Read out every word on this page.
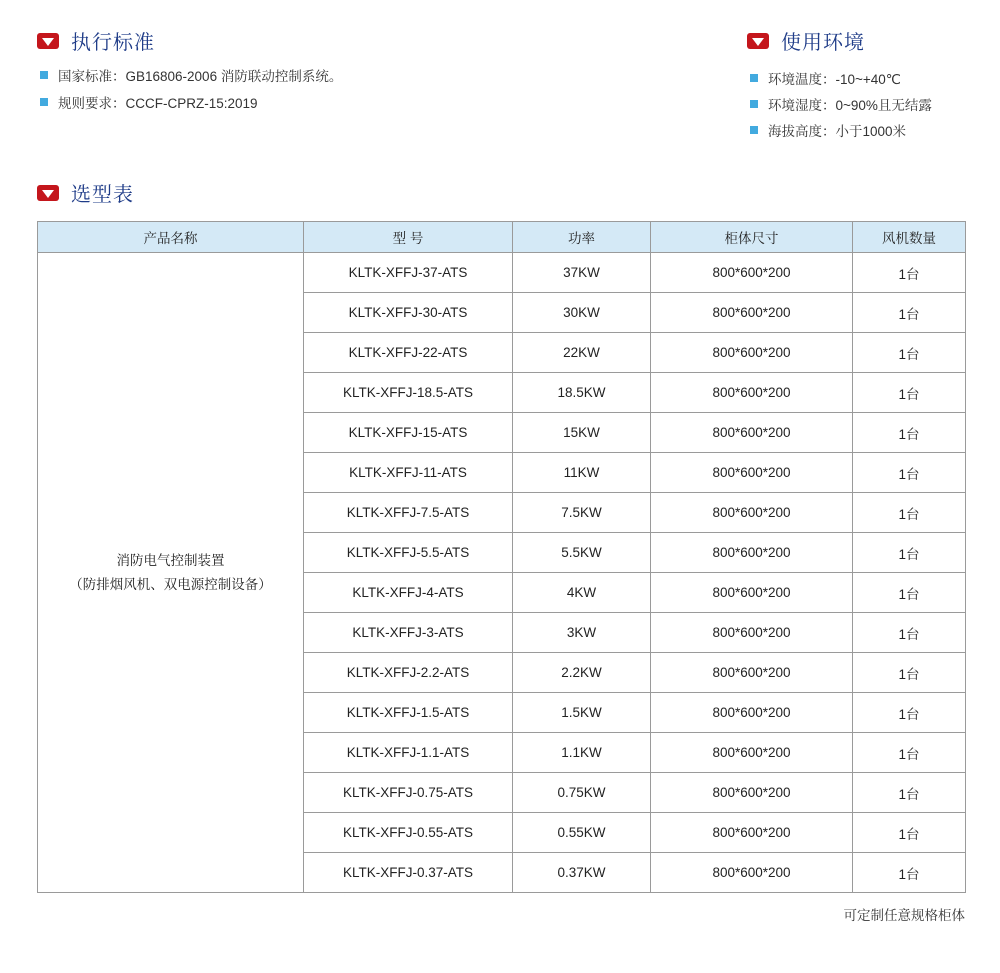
执行标准
国家标准：GB16806-2006 消防联动控制系统。
规则要求：CCCF-CPRZ-15:2019
使用环境
环境温度：-10~+40℃
环境湿度：0~90%且无结露
海拔高度：小于1000米
选型表
产品名称	型 号	功率	柜体尺寸	风机数量

消防电气控制装置
（防排烟风机、双电源控制设备）	KLTK-XFFJ-37-ATS	37KW	800*600*200	1台
	KLTK-XFFJ-30-ATS	30KW	800*600*200	1台
	KLTK-XFFJ-22-ATS	22KW	800*600*200	1台
	KLTK-XFFJ-18.5-ATS	18.5KW	800*600*200	1台
	KLTK-XFFJ-15-ATS	15KW	800*600*200	1台
	KLTK-XFFJ-11-ATS	11KW	800*600*200	1台
	KLTK-XFFJ-7.5-ATS	7.5KW	800*600*200	1台
	KLTK-XFFJ-5.5-ATS	5.5KW	800*600*200	1台
	KLTK-XFFJ-4-ATS	4KW	800*600*200	1台
	KLTK-XFFJ-3-ATS	3KW	800*600*200	1台
	KLTK-XFFJ-2.2-ATS	2.2KW	800*600*200	1台
	KLTK-XFFJ-1.5-ATS	1.5KW	800*600*200	1台
	KLTK-XFFJ-1.1-ATS	1.1KW	800*600*200	1台
	KLTK-XFFJ-0.75-ATS	0.75KW	800*600*200	1台
	KLTK-XFFJ-0.55-ATS	0.55KW	800*600*200	1台
	KLTK-XFFJ-0.37-ATS	0.37KW	800*600*200	1台
可定制任意规格柜体
